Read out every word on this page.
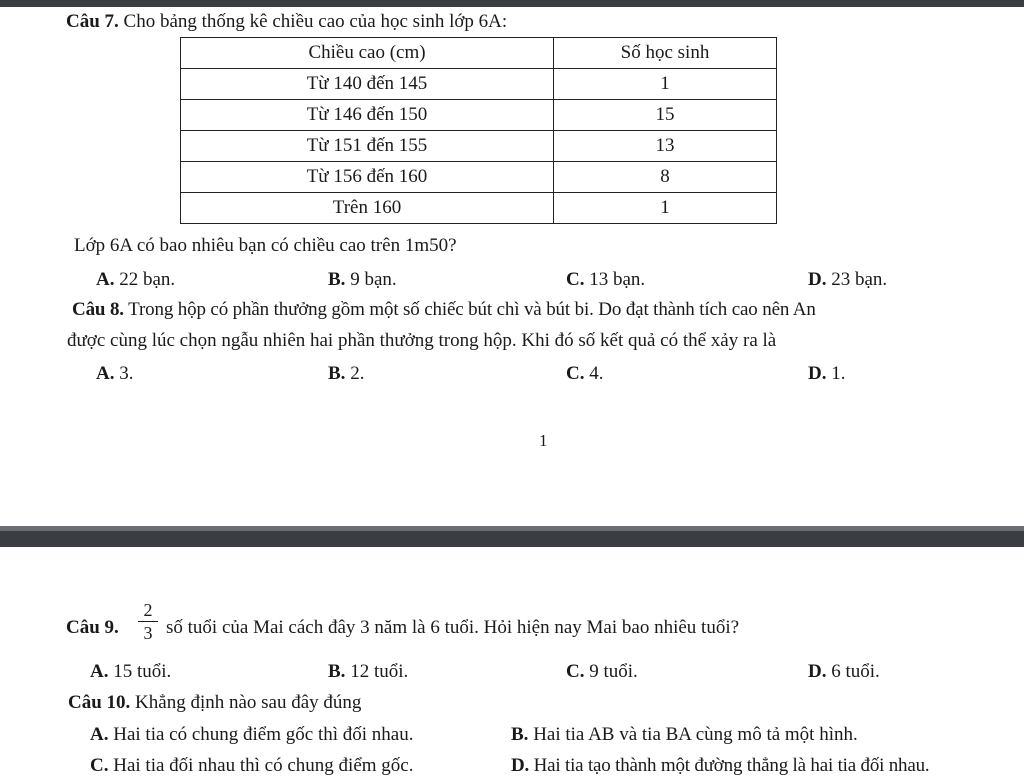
Câu 7. Cho bảng thống kê chiều cao của học sinh lớp 6A:
Chiều cao (cm)	Số học sinh
Từ 140 đến 145	1
Từ 146 đến 150	15
Từ 151 đến 155	13
Từ 156 đến 160	8
Trên 160	1
Lớp 6A có bao nhiêu bạn có chiều cao trên 1m50?
A. 22 bạn.	B. 9 bạn.	C. 13 bạn.	D. 23 bạn.
Câu 8. Trong hộp có phần thưởng gồm một số chiếc bút chì và bút bi. Do đạt thành tích cao nên An
được cùng lúc chọn ngẫu nhiên hai phần thưởng trong hộp. Khi đó số kết quả có thể xảy ra là
A. 3.	B. 2.	C. 4.	D. 1.
1
Câu 9. $\frac{2}{3}$ số tuổi của Mai cách đây 3 năm là 6 tuổi. Hỏi hiện nay Mai bao nhiêu tuổi?
A. 15 tuổi.	B. 12 tuổi.	C. 9 tuổi.	D. 6 tuổi.
Câu 10. Khẳng định nào sau đây đúng
A. Hai tia có chung điểm gốc thì đối nhau.	B. Hai tia AB và tia BA cùng mô tả một hình.
C. Hai tia đối nhau thì có chung điểm gốc.	D. Hai tia tạo thành một đường thẳng là hai tia đối nhau.
